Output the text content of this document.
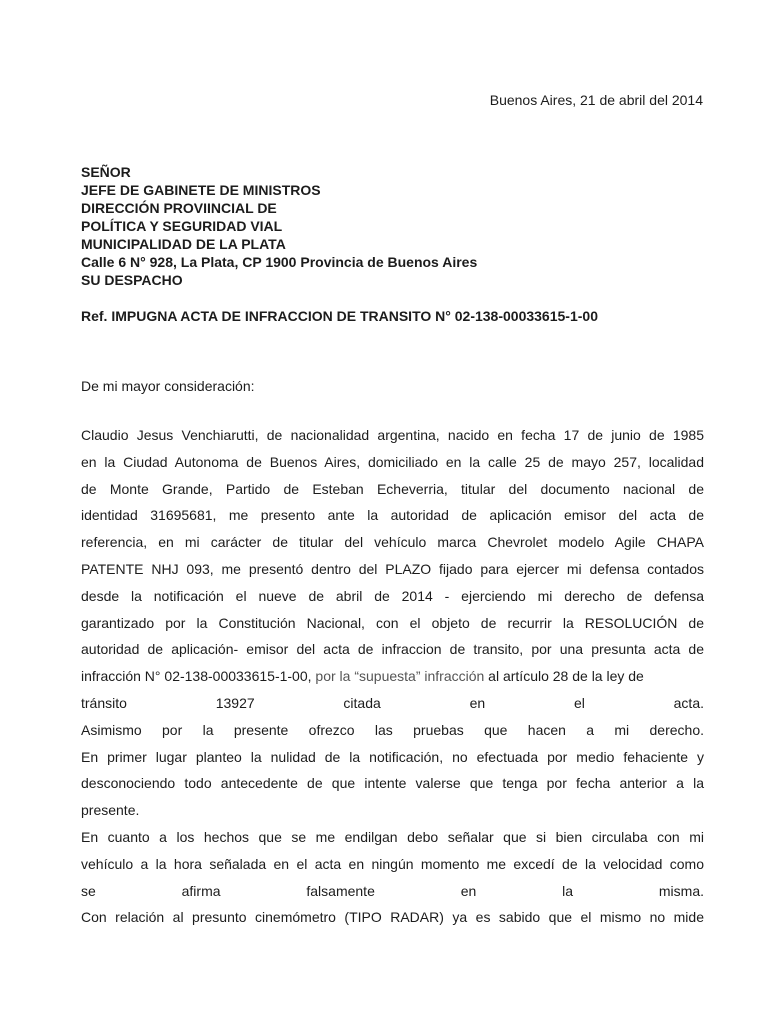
Buenos Aires, 21 de abril del 2014
SEÑOR
JEFE DE GABINETE DE MINISTROS
DIRECCIÓN PROVIINCIAL DE
POLÍTICA Y SEGURIDAD VIAL
MUNICIPALIDAD DE LA PLATA
Calle 6 N° 928, La Plata, CP 1900 Provincia de Buenos Aires
SU DESPACHO
Ref. IMPUGNA ACTA DE INFRACCION DE TRANSITO N° 02-138-00033615-1-00
De mi mayor consideración:
Claudio Jesus Venchiarutti, de nacionalidad argentina, nacido en fecha 17 de junio de 1985
en la Ciudad Autonoma de Buenos Aires, domiciliado en la calle 25 de mayo 257, localidad
de Monte Grande, Partido de Esteban Echeverria, titular del documento nacional de
identidad 31695681, me presento ante la autoridad de aplicación emisor del acta de
referencia, en mi carácter de titular del vehículo marca Chevrolet modelo Agile CHAPA
PATENTE NHJ 093, me presentó dentro del PLAZO fijado para ejercer mi defensa contados
desde la notificación el nueve de abril de 2014 - ejerciendo mi derecho de defensa
garantizado por la Constitución Nacional, con el objeto de recurrir la RESOLUCIÓN de
autoridad de aplicación- emisor del acta de infraccion de transito, por una presunta acta de
infracción N° 02-138-00033615-1-00, por la “supuesta” infracción al artículo 28 de la ley de
tránsito 13927 citada en el acta.
Asimismo por la presente ofrezco las pruebas que hacen a mi derecho.
En primer lugar planteo la nulidad de la notificación, no efectuada por medio fehaciente y
desconociendo todo antecedente de que intente valerse que tenga por fecha anterior a la
presente.
En cuanto a los hechos que se me endilgan debo señalar que si bien circulaba con mi
vehículo a la hora señalada en el acta en ningún momento me excedí de la velocidad como
se afirma falsamente en la misma.
Con relación al presunto cinemómetro (TIPO RADAR) ya es sabido que el mismo no mide
